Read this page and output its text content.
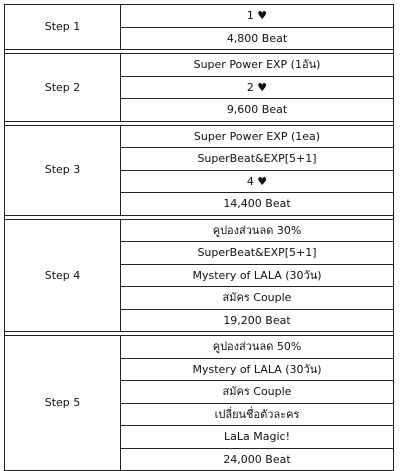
Step 1	1 ♥
	4,800 Beat

Step 2	Super Power EXP (1อัน)
	2 ♥
	9,600 Beat

Step 3	Super Power EXP (1ea)
	SuperBeat&EXP[5+1]
	4 ♥
	14,400 Beat

Step 4	คูปองส่วนลด 30%
	SuperBeat&EXP[5+1]
	Mystery of LALA (30วัน)
	สมัคร Couple
	19,200 Beat

Step 5	คูปองส่วนลด 50%
	Mystery of LALA (30วัน)
	สมัคร Couple
	เปลี่ยนชื่อตัวละคร
	LaLa Magic!
	24,000 Beat
